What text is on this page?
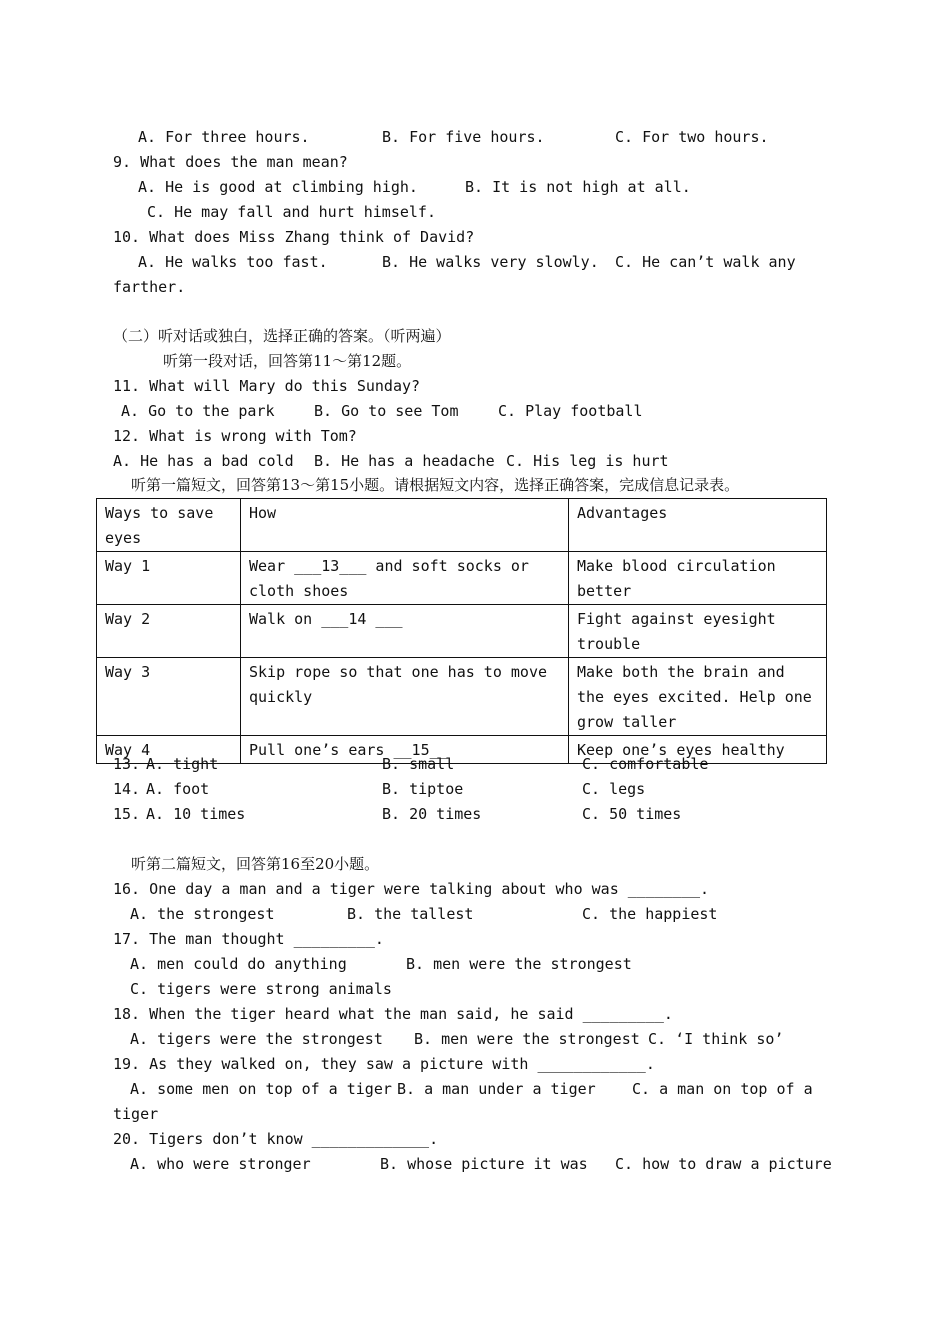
A. For three hours.	B. For five hours.	C. For two hours.
9. What does the man mean?
A. He is good at climbing high.	B. It is not high at all.
C. He may fall and hurt himself.
10. What does Miss Zhang think of David?
A. He walks too fast.	B. He walks very slowly. C. He can’t walk any
farther.
（二）听对话或独白，选择正确的答案。（听两遍）
听第一段对话，回答第11～第12题。
11. What will Mary do this Sunday?
A. Go to the park	B. Go to see Tom	C. Play football
12. What is wrong with Tom?
A. He has a bad cold B. He has a headache C. His leg is hurt
听第一篇短文，回答第13～第15小题。请根据短文内容，选择正确答案，完成信息记录表。
Ways to save eyes	How	Advantages
Way 1	Wear ___13___ and soft socks or cloth shoes	Make blood circulation better
Way 2	Walk on ___14 ___	Fight against eyesight trouble
Way 3	Skip rope so that one has to move quickly	Make both the brain and the eyes excited. Help one grow taller
Way 4	Pull one’s ears __15__	Keep one’s eyes healthy
13. A. tight	B. small	C. comfortable
14. A. foot	B. tiptoe	C. legs
15. A. 10 times	B. 20 times	C. 50 times
听第二篇短文，回答第16至20小题。
16. One day a man and a tiger were talking about who was ________.
A. the strongest	B. the tallest	C. the happiest
17. The man thought _________.
A. men could do anything	B. men were the strongest
C. tigers were strong animals
18. When the tiger heard what the man said, he said _________.
A. tigers were the strongest B. men were the strongest C. ‘I think so’
19. As they walked on, they saw a picture with ____________.
A. some men on top of a tiger B. a man under a tiger C. a man on top of a
tiger
20. Tigers don’t know _____________.
A. who were stronger	B. whose picture it was C. how to draw a picture
